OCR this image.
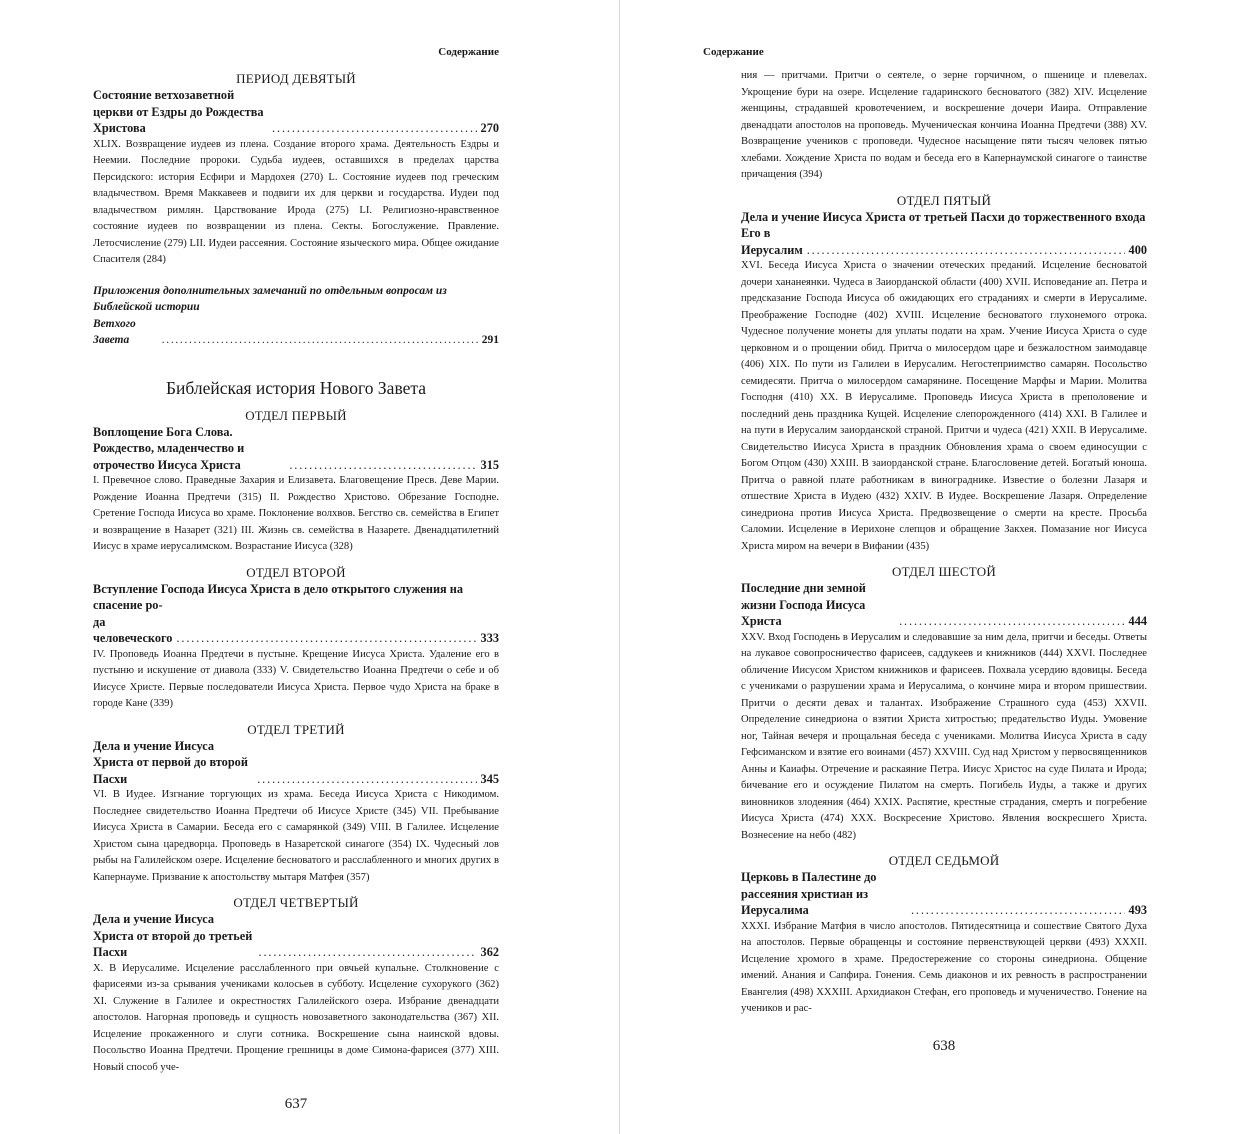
Содержание
ПЕРИОД ДЕВЯТЫЙ
Состояние ветхозаветной церкви от Ездры до Рождества Христова . . .	270
XLIX. Возвращение иудеев из плена. Создание второго храма. Деятельность Ездры и Неемии. Последние пророки. Судьба иудеев, оставшихся в пределах царства Персидского: история Есфири и Мардохея (270) L. Состояние иудеев под греческим владычеством. Время Маккавеев и подвиги их для церкви и государства. Иудеи под владычеством римлян. Царствование Ирода (275) LI. Религиозно-нравственное состояние иудеев по возвращении из плена. Секты. Богослужение. Правление. Летосчисление (279) LII. Иудеи рассеяния. Состояние языческого мира. Общее ожидание Спасителя (284)
Приложения дополнительных замечаний по отдельным вопросам из Библейской истории
Ветхого Завета . . .	291
Библейская история Нового Завета
ОТДЕЛ ПЕРВЫЙ
Воплощение Бога Слова. Рождество, младенчество и отрочество Иисуса Христа . . .	315
I. Превечное слово. Праведные Захария и Елизавета. Благовещение Пресв. Деве Марии. Рождение Иоанна Предтечи (315) II. Рождество Христово. Обрезание Господне. Сретение Господа Иисуса во храме. Поклонение волхвов. Бегство св. семейства в Египет и возвращение в Назарет (321) III. Жизнь св. семейства в Назарете. Двенадцатилетний Иисус в храме иерусалимском. Возрастание Иисуса (328)
ОТДЕЛ ВТОРОЙ
Вступление Господа Иисуса Христа в дело открытого служения на спасение ро-
да человеческого . . .	333
IV. Проповедь Иоанна Предтечи в пустыне. Крещение Иисуса Христа. Удаление его в пустыню и искушение от диавола (333) V. Свидетельство Иоанна Предтечи о себе и об Иисусе Христе. Первые последователи Иисуса Христа. Первое чудо Христа на браке в городе Кане (339)
ОТДЕЛ ТРЕТИЙ
Дела и учение Иисуса Христа от первой до второй Пасхи . . .	345
VI. В Иудее. Изгнание торгующих из храма. Беседа Иисуса Христа с Никодимом. Последнее свидетельство Иоанна Предтечи об Иисусе Христе (345) VII. Пребывание Иисуса Христа в Самарии. Беседа его с самарянкой (349) VIII. В Галилее. Исцеление Христом сына царедворца. Проповедь в Назаретской синагоге (354) IX. Чудесный лов рыбы на Галилейском озере. Исцеление бесноватого и расслабленного и многих других в Капернауме. Призвание к апостольству мытаря Матфея (357)
ОТДЕЛ ЧЕТВЕРТЫЙ
Дела и учение Иисуса Христа от второй до третьей Пасхи . . .	362
X. В Иерусалиме. Исцеление расслабленного при овчьей купальне. Столкновение с фарисеями из-за срывания учениками колосьев в субботу. Исцеление сухорукого (362) XI. Служение в Галилее и окрестностях Галилейского озера. Избрание двенадцати апостолов. Нагорная проповедь и сущность новозаветного законодательства (367) XII. Исцеление прокаженного и слуги сотника. Воскрешение сына наинской вдовы. Посольство Иоанна Предтечи. Прощение грешницы в доме Симона-фарисея (377) XIII. Новый способ уче-
637
Содержание
ния — притчами. Притчи о сеятеле, о зерне горчичном, о пшенице и плевелах. Укрощение бури на озере. Исцеление гадаринского бесноватого (382) XIV. Исцеление женщины, страдавшей кровотечением, и воскрешение дочери Иаира. Отправление двенадцати апостолов на проповедь. Мученическая кончина Иоанна Предтечи (388) XV. Возвращение учеников с проповеди. Чудесное насыщение пяти тысяч человек пятью хлебами. Хождение Христа по водам и беседа его в Капернаумской синагоге о таинстве причащения (394)
ОТДЕЛ ПЯТЫЙ
Дела и учение Иисуса Христа от третьей Пасхи до торжественного входа Его в
Иерусалим . . .	400
XVI. Беседа Иисуса Христа о значении отеческих преданий. Исцеление бесноватой дочери хананеянки. Чудеса в Заиорданской области (400) XVII. Исповедание ап. Петра и предсказание Господа Иисуса об ожидающих его страданиях и смерти в Иерусалиме. Преображение Господне (402) XVIII. Исцеление бесноватого глухонемого отрока. Чудесное получение монеты для уплаты подати на храм. Учение Иисуса Христа о суде церковном и о прощении обид. Притча о милосердом царе и безжалостном заимодавце (406) XIX. По пути из Галилеи в Иерусалим. Негостеприимство самарян. Посольство семидесяти. Притча о милосердом самарянине. Посещение Марфы и Марии. Молитва Господня (410) XX. В Иерусалиме. Проповедь Иисуса Христа в преполовение и последний день праздника Кущей. Исцеление слепорожденного (414) XXI. В Галилее и на пути в Иерусалим заиорданской страной. Притчи и чудеса (421) XXII. В Иерусалиме. Свидетельство Иисуса Христа в праздник Обновления храма о своем единосущии с Богом Отцом (430) XXIII. В заиорданской стране. Благословение детей. Богатый юноша. Притча о равной плате работникам в винограднике. Известие о болезни Лазаря и отшествие Христа в Иудею (432) XXIV. В Иудее. Воскрешение Лазаря. Определение синедриона против Иисуса Христа. Предвозвещение о смерти на кресте. Просьба Саломии. Исцеление в Иерихоне слепцов и обращение Закхея. Помазание ног Иисуса Христа миром на вечери в Вифании (435)
ОТДЕЛ ШЕСТОЙ
Последние дни земной жизни Господа Иисуса Христа . . .	444
XXV. Вход Господень в Иерусалим и следовавшие за ним дела, притчи и беседы. Ответы на лукавое совопросничество фарисеев, саддукеев и книжников (444) XXVI. Последнее обличение Иисусом Христом книжников и фарисеев. Похвала усердию вдовицы. Беседа с учениками о разрушении храма и Иерусалима, о кончине мира и втором пришествии. Притчи о десяти девах и талантах. Изображение Страшного суда (453) XXVII. Определение синедриона о взятии Христа хитростью; предательство Иуды. Умовение ног, Тайная вечеря и прощальная беседа с учениками. Молитва Иисуса Христа в саду Гефсиманском и взятие его воинами (457) XXVIII. Суд над Христом у первосвященников Анны и Каиафы. Отречение и раскаяние Петра. Иисус Христос на суде Пилата и Ирода; бичевание его и осуждение Пилатом на смерть. Погибель Иуды, а также и других виновников злодеяния (464) XXIX. Распятие, крестные страдания, смерть и погребение Иисуса Христа (474) XXX. Воскресение Христово. Явления воскресшего Христа. Вознесение на небо (482)
ОТДЕЛ СЕДЬМОЙ
Церковь в Палестине до рассеяния христиан из Иерусалима . . .	493
XXXI. Избрание Матфия в число апостолов. Пятидесятница и сошествие Святого Духа на апостолов. Первые обращенцы и состояние первенствующей церкви (493) XXXII. Исцеление хромого в храме. Предостережение со стороны синедриона. Общение имений. Анания и Сапфира. Гонения. Семь диаконов и их ревность в распространении Евангелия (498) XXXIII. Архидиакон Стефан, его проповедь и мученичество. Гонение на учеников и рас-
638
